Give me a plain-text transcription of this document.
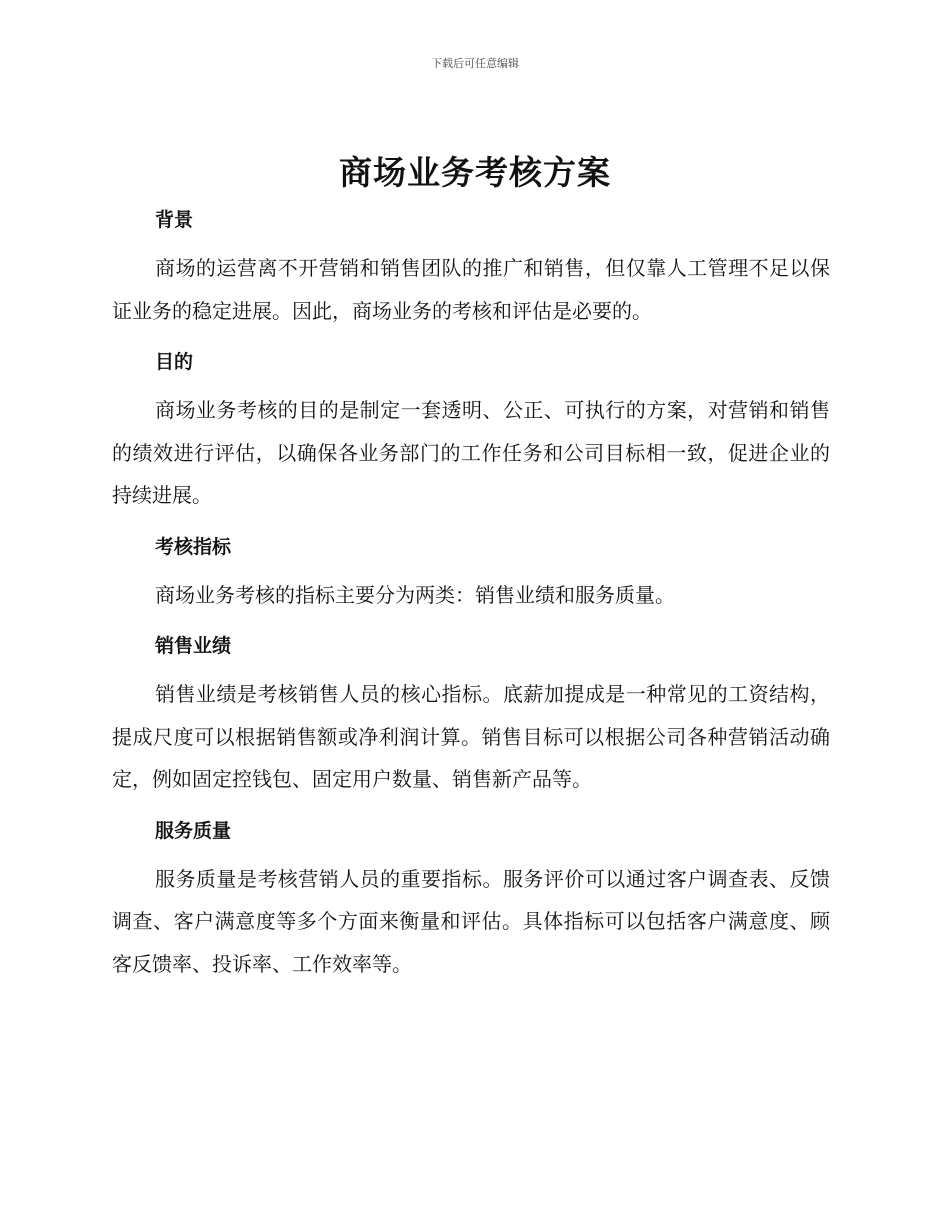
下载后可任意编辑
商场业务考核方案
背景

商场的运营离不开营销和销售团队的推广和销售，但仅靠人工管理不足以保证业务的稳定进展。因此，商场业务的考核和评估是必要的。

目的

商场业务考核的目的是制定一套透明、公正、可执行的方案，对营销和销售的绩效进行评估，以确保各业务部门的工作任务和公司目标相一致，促进企业的持续进展。

考核指标

商场业务考核的指标主要分为两类：销售业绩和服务质量。

销售业绩

销售业绩是考核销售人员的核心指标。底薪加提成是一种常见的工资结构，提成尺度可以根据销售额或净利润计算。销售目标可以根据公司各种营销活动确定，例如固定控钱包、固定用户数量、销售新产品等。

服务质量

服务质量是考核营销人员的重要指标。服务评价可以通过客户调查表、反馈调查、客户满意度等多个方面来衡量和评估。具体指标可以包括客户满意度、顾客反馈率、投诉率、工作效率等。
